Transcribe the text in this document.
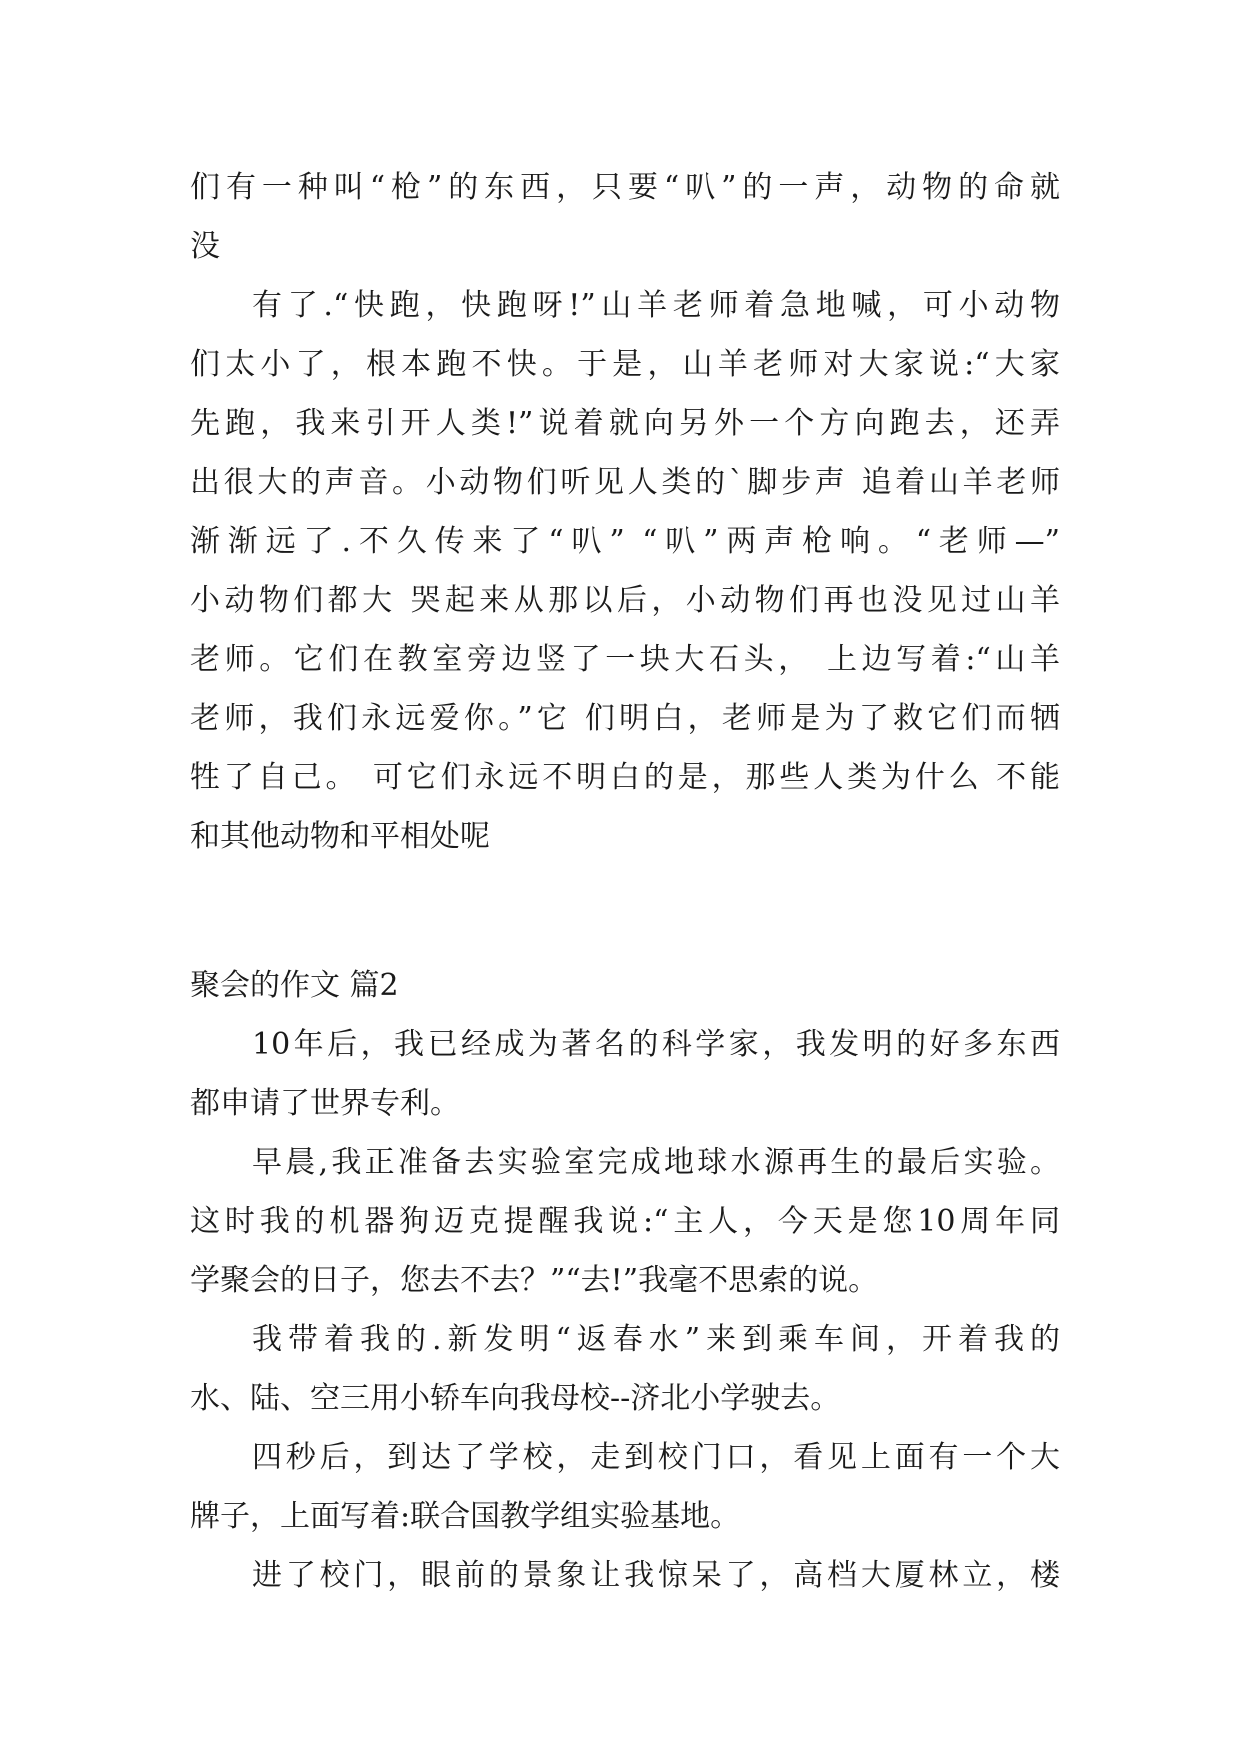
们有一种叫“枪”的东西，只要“叭”的一声，动物的命就
没
有了.“快跑，快跑呀!”山羊老师着急地喊，可小动物
们太小了，根本跑不快。于是，山羊老师对大家说:“大家
先跑，我来引开人类!”说着就向另外一个方向跑去，还弄
出很大的声音。小动物们听见人类的`脚步声 追着山羊老师
渐渐远了.不久传来了“叭” “叭”两声枪响。“老师—”
小动物们都大 哭起来从那以后，小动物们再也没见过山羊
老师。它们在教室旁边竖了一块大石头， 上边写着:“山羊
老师，我们永远爱你。”它 们明白，老师是为了救它们而牺
牲了自己。 可它们永远不明白的是，那些人类为什么 不能
和其他动物和平相处呢
聚会的作文 篇2
10年后，我已经成为著名的科学家，我发明的好多东西
都申请了世界专利。
早晨,我正准备去实验室完成地球水源再生的最后实验。
这时我的机器狗迈克提醒我说:“主人，今天是您10周年同
学聚会的日子，您去不去？”“去!”我毫不思索的说。
我带着我的.新发明“返春水”来到乘车间，开着我的
水、陆、空三用小轿车向我母校--济北小学驶去。
四秒后，到达了学校，走到校门口，看见上面有一个大
牌子，上面写着:联合国教学组实验基地。
进了校门，眼前的景象让我惊呆了，高档大厦林立，楼
